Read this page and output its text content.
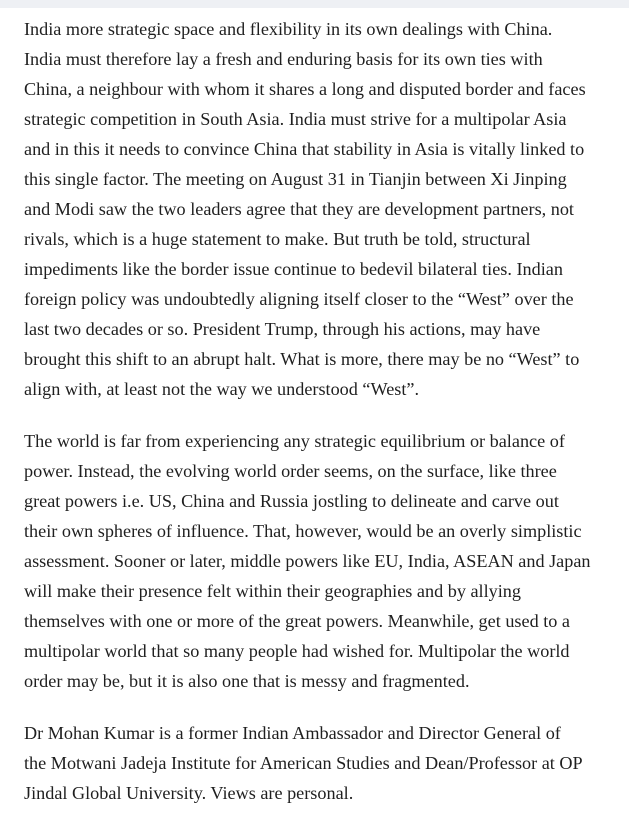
India more strategic space and flexibility in its own dealings with China.
India must therefore lay a fresh and enduring basis for its own ties with
China, a neighbour with whom it shares a long and disputed border and faces
strategic competition in South Asia. India must strive for a multipolar Asia
and in this it needs to convince China that stability in Asia is vitally linked to
this single factor. The meeting on August 31 in Tianjin between Xi Jinping
and Modi saw the two leaders agree that they are development partners, not
rivals, which is a huge statement to make. But truth be told, structural
impediments like the border issue continue to bedevil bilateral ties. Indian
foreign policy was undoubtedly aligning itself closer to the “West” over the
last two decades or so. President Trump, through his actions, may have
brought this shift to an abrupt halt. What is more, there may be no “West” to
align with, at least not the way we understood “West”.

The world is far from experiencing any strategic equilibrium or balance of
power. Instead, the evolving world order seems, on the surface, like three
great powers i.e. US, China and Russia jostling to delineate and carve out
their own spheres of influence. That, however, would be an overly simplistic
assessment. Sooner or later, middle powers like EU, India, ASEAN and Japan
will make their presence felt within their geographies and by allying
themselves with one or more of the great powers. Meanwhile, get used to a
multipolar world that so many people had wished for. Multipolar the world
order may be, but it is also one that is messy and fragmented.

Dr Mohan Kumar is a former Indian Ambassador and Director General of
the Motwani Jadeja Institute for American Studies and Dean/Professor at OP
Jindal Global University. Views are personal.
